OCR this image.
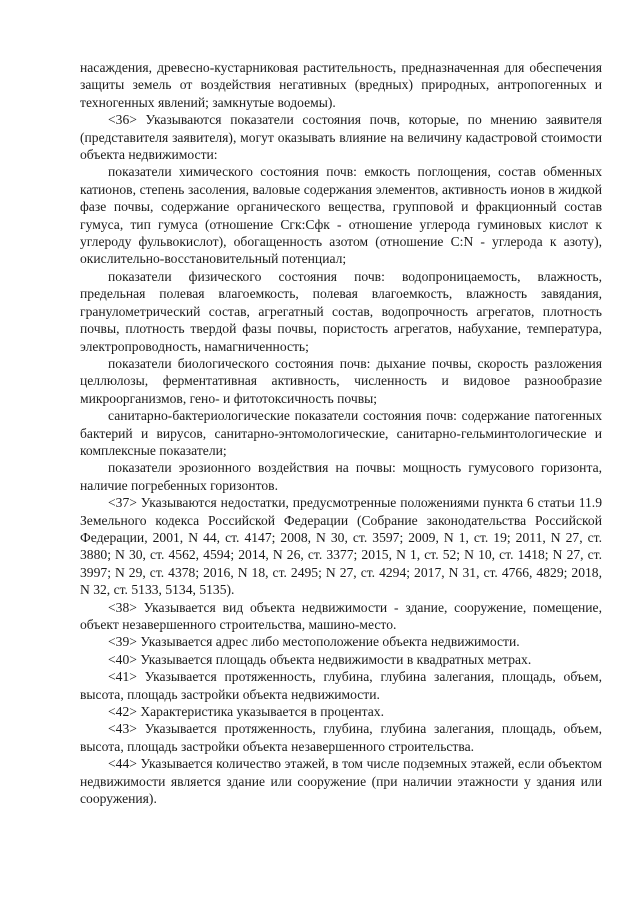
насаждения, древесно-кустарниковая растительность, предназначенная для обеспечения защиты земель от воздействия негативных (вредных) природных, антропогенных и техногенных явлений; замкнутые водоемы).

<36> Указываются показатели состояния почв, которые, по мнению заявителя (представителя заявителя), могут оказывать влияние на величину кадастровой стоимости объекта недвижимости:

показатели химического состояния почв: емкость поглощения, состав обменных катионов, степень засоления, валовые содержания элементов, активность ионов в жидкой фазе почвы, содержание органического вещества, групповой и фракционный состав гумуса, тип гумуса (отношение Сгк:Сфк - отношение углерода гуминовых кислот к углероду фульвокислот), обогащенность азотом (отношение C:N - углерода к азоту), окислительно-восстановительный потенциал;

показатели физического состояния почв: водопроницаемость, влажность, предельная полевая влагоемкость, полевая влагоемкость, влажность завядания, гранулометрический состав, агрегатный состав, водопрочность агрегатов, плотность почвы, плотность твердой фазы почвы, пористость агрегатов, набухание, температура, электропроводность, намагниченность;

показатели биологического состояния почв: дыхание почвы, скорость разложения целлюлозы, ферментативная активность, численность и видовое разнообразие микроорганизмов, гено- и фитотоксичность почвы;

санитарно-бактериологические показатели состояния почв: содержание патогенных бактерий и вирусов, санитарно-энтомологические, санитарно-гельминтологические и комплексные показатели;

показатели эрозионного воздействия на почвы: мощность гумусового горизонта, наличие погребенных горизонтов.

<37> Указываются недостатки, предусмотренные положениями пункта 6 статьи 11.9 Земельного кодекса Российской Федерации (Собрание законодательства Российской Федерации, 2001, N 44, ст. 4147; 2008, N 30, ст. 3597; 2009, N 1, ст. 19; 2011, N 27, ст. 3880; N 30, ст. 4562, 4594; 2014, N 26, ст. 3377; 2015, N 1, ст. 52; N 10, ст. 1418; N 27, ст. 3997; N 29, ст. 4378; 2016, N 18, ст. 2495; N 27, ст. 4294; 2017, N 31, ст. 4766, 4829; 2018, N 32, ст. 5133, 5134, 5135).

<38> Указывается вид объекта недвижимости - здание, сооружение, помещение, объект незавершенного строительства, машино-место.

<39> Указывается адрес либо местоположение объекта недвижимости.

<40> Указывается площадь объекта недвижимости в квадратных метрах.

<41> Указывается протяженность, глубина, глубина залегания, площадь, объем, высота, площадь застройки объекта недвижимости.

<42> Характеристика указывается в процентах.

<43> Указывается протяженность, глубина, глубина залегания, площадь, объем, высота, площадь застройки объекта незавершенного строительства.

<44> Указывается количество этажей, в том числе подземных этажей, если объектом недвижимости является здание или сооружение (при наличии этажности у здания или сооружения).
